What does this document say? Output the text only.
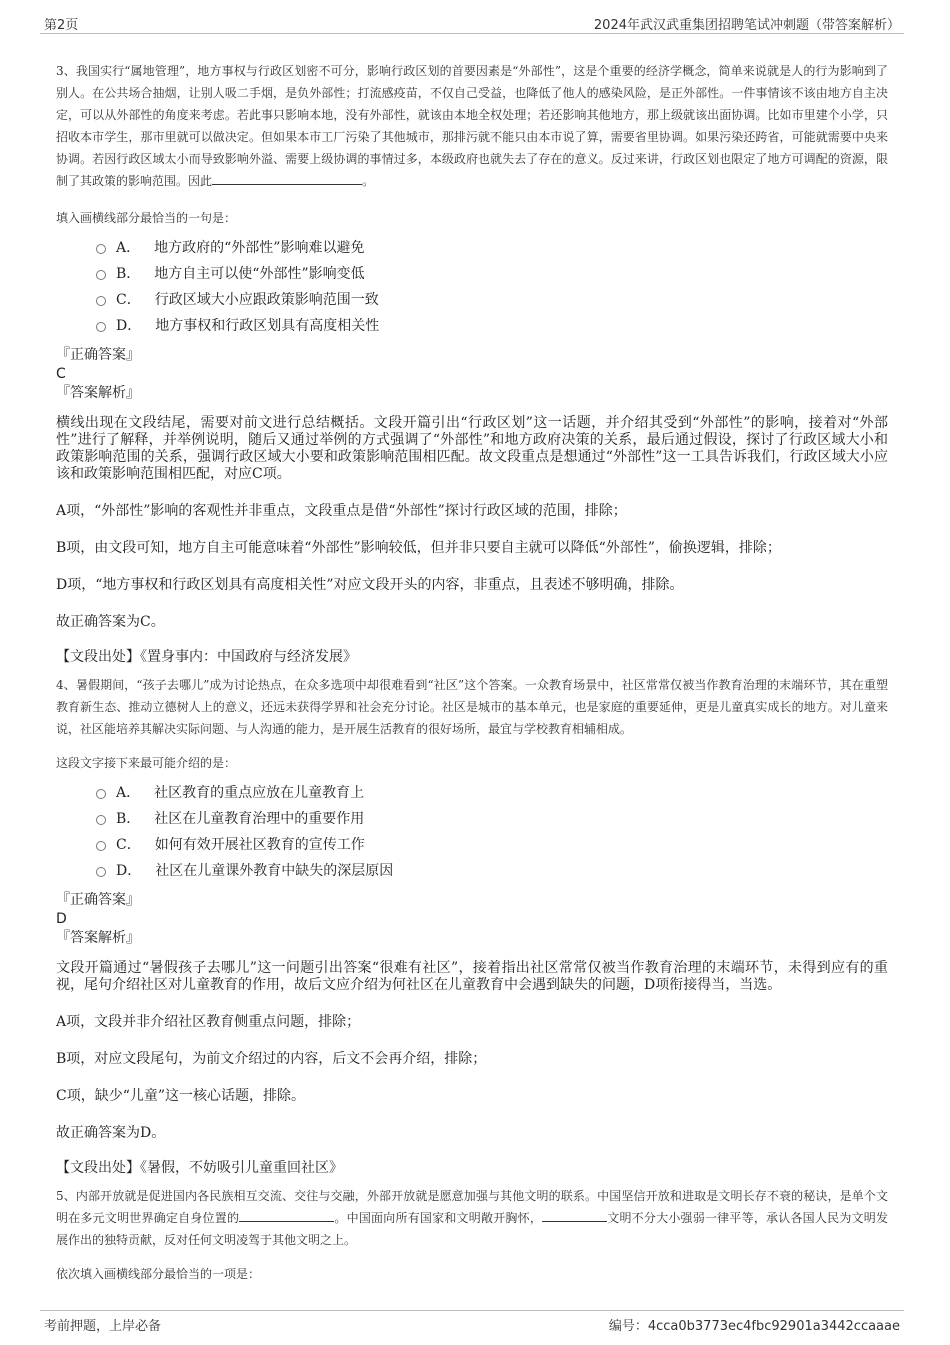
第2页	2024年武汉武重集团招聘笔试冲刺题（带答案解析）

3、我国实行“属地管理”，地方事权与行政区划密不可分，影响行政区划的首要因素是“外部性”，这是个重要的经济学概念，简单来说就是人的行为影响到了别人。在公共场合抽烟，让别人吸二手烟，是负外部性；打流感疫苗，不仅自己受益，也降低了他人的感染风险，是正外部性。一件事情该不该由地方自主决定，可以从外部性的角度来考虑。若此事只影响本地，没有外部性，就该由本地全权处理；若还影响其他地方，那上级就该出面协调。比如市里建个小学，只招收本市学生，那市里就可以做决定。但如果本市工厂污染了其他城市，那排污就不能只由本市说了算，需要省里协调。如果污染还跨省，可能就需要中央来协调。若因行政区域太小而导致影响外溢、需要上级协调的事情过多，本级政府也就失去了存在的意义。反过来讲，行政区划也限定了地方可调配的资源，限制了其政策的影响范围。因此	。

填入画横线部分最恰当的一句是：

A． 地方政府的“外部性”影响难以避免
B． 地方自主可以使“外部性”影响变低
C． 行政区域大小应跟政策影响范围一致
D． 地方事权和行政区划具有高度相关性

『正确答案』

C

『答案解析』

横线出现在文段结尾，需要对前文进行总结概括。文段开篇引出“行政区划”这一话题，并介绍其受到“外部性”的影响，接着对“外部性”进行了解释，并举例说明，随后又通过举例的方式强调了“外部性”和地方政府决策的关系，最后通过假设，探讨了行政区域大小和政策影响范围的关系，强调行政区域大小要和政策影响范围相匹配。故文段重点是想通过“外部性”这一工具告诉我们，行政区域大小应该和政策影响范围相匹配，对应C项。

A项，“外部性”影响的客观性并非重点，文段重点是借“外部性”探讨行政区域的范围，排除；

B项，由文段可知，地方自主可能意味着“外部性”影响较低，但并非只要自主就可以降低“外部性”，偷换逻辑，排除；

D项，“地方事权和行政区划具有高度相关性”对应文段开头的内容，非重点，且表述不够明确，排除。

故正确答案为C。

【文段出处】《置身事内：中国政府与经济发展》

4、暑假期间，“孩子去哪儿”成为讨论热点，在众多选项中却很难看到“社区”这个答案。一众教育场景中，社区常常仅被当作教育治理的末端环节，其在重塑教育新生态、推动立德树人上的意义，还远未获得学界和社会充分讨论。社区是城市的基本单元，也是家庭的重要延伸，更是儿童真实成长的地方。对儿童来说，社区能培养其解决实际问题、与人沟通的能力，是开展生活教育的很好场所，最宜与学校教育相辅相成。

这段文字接下来最可能介绍的是：

A． 社区教育的重点应放在儿童教育上
B． 社区在儿童教育治理中的重要作用
C． 如何有效开展社区教育的宣传工作
D． 社区在儿童课外教育中缺失的深层原因

『正确答案』

D

『答案解析』

文段开篇通过“暑假孩子去哪儿”这一问题引出答案“很难有社区”，接着指出社区常常仅被当作教育治理的末端环节，未得到应有的重视，尾句介绍社区对儿童教育的作用，故后文应介绍为何社区在儿童教育中会遇到缺失的问题，D项衔接得当，当选。

A项，文段并非介绍社区教育侧重点问题，排除；

B项，对应文段尾句，为前文介绍过的内容，后文不会再介绍，排除；

C项，缺少“儿童”这一核心话题，排除。

故正确答案为D。

【文段出处】《暑假，不妨吸引儿童重回社区》

5、内部开放就是促进国内各民族相互交流、交往与交融，外部开放就是愿意加强与其他文明的联系。中国坚信开放和进取是文明长存不衰的秘诀，是单个文明在多元文明世界确定自身位置的	。中国面向所有国家和文明敞开胸怀，	文明不分大小强弱一律平等，承认各国人民为文明发展作出的独特贡献，反对任何文明凌驾于其他文明之上。

依次填入画横线部分最恰当的一项是：

考前押题，上岸必备	编号：4cca0b3773ec4fbc92901a3442ccaaae
